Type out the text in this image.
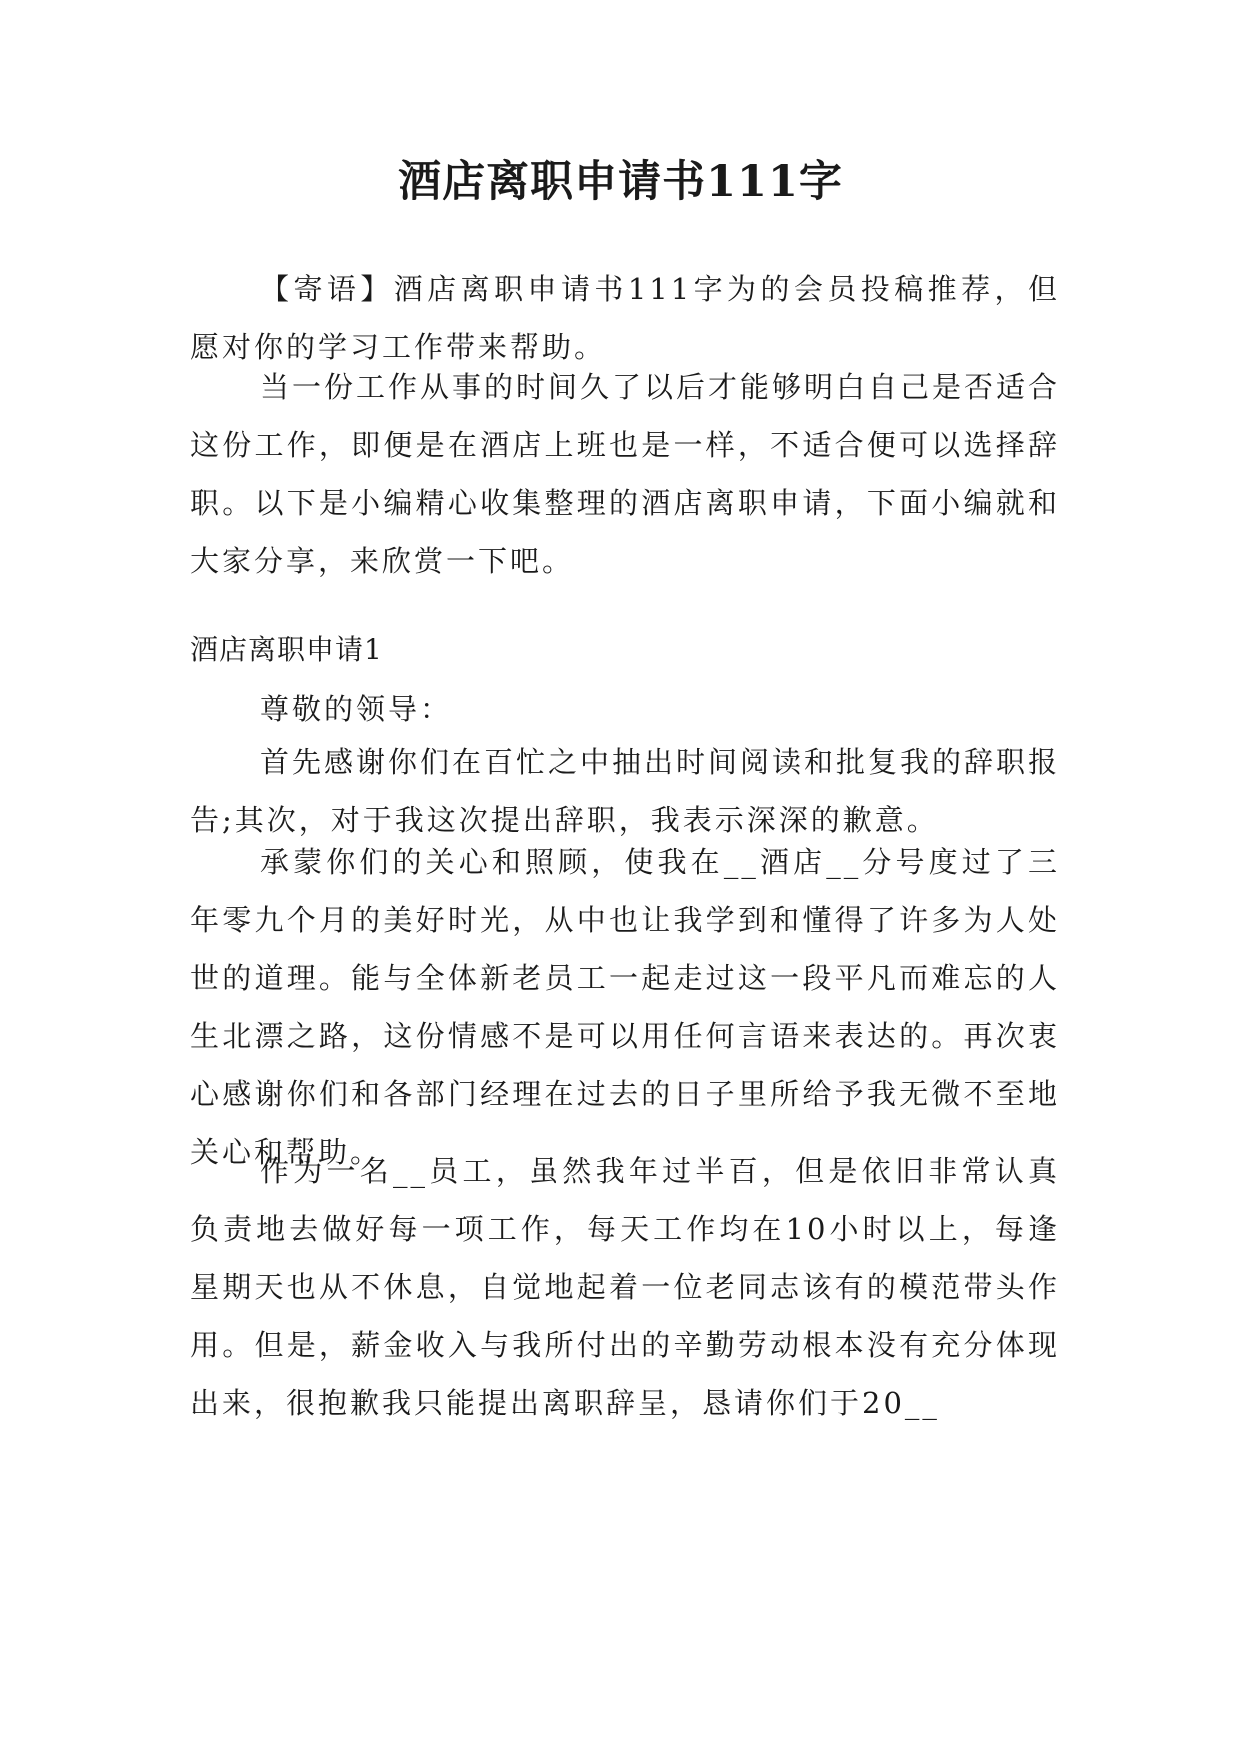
酒店离职申请书111字

【寄语】酒店离职申请书111字为的会员投稿推荐，但愿对你的学习工作带来帮助。

当一份工作从事的时间久了以后才能够明白自己是否适合这份工作，即便是在酒店上班也是一样，不适合便可以选择辞职。以下是小编精心收集整理的酒店离职申请，下面小编就和大家分享，来欣赏一下吧。

酒店离职申请1

尊敬的领导：

首先感谢你们在百忙之中抽出时间阅读和批复我的辞职报告;其次，对于我这次提出辞职，我表示深深的歉意。

承蒙你们的关心和照顾，使我在__酒店__分号度过了三年零九个月的美好时光，从中也让我学到和懂得了许多为人处世的道理。能与全体新老员工一起走过这一段平凡而难忘的人生北漂之路，这份情感不是可以用任何言语来表达的。再次衷心感谢你们和各部门经理在过去的日子里所给予我无微不至地关心和帮助。

作为一名__员工，虽然我年过半百，但是依旧非常认真负责地去做好每一项工作，每天工作均在10小时以上，每逢星期天也从不休息，自觉地起着一位老同志该有的模范带头作用。但是，薪金收入与我所付出的辛勤劳动根本没有充分体现出来，很抱歉我只能提出离职辞呈，恳请你们于20__
